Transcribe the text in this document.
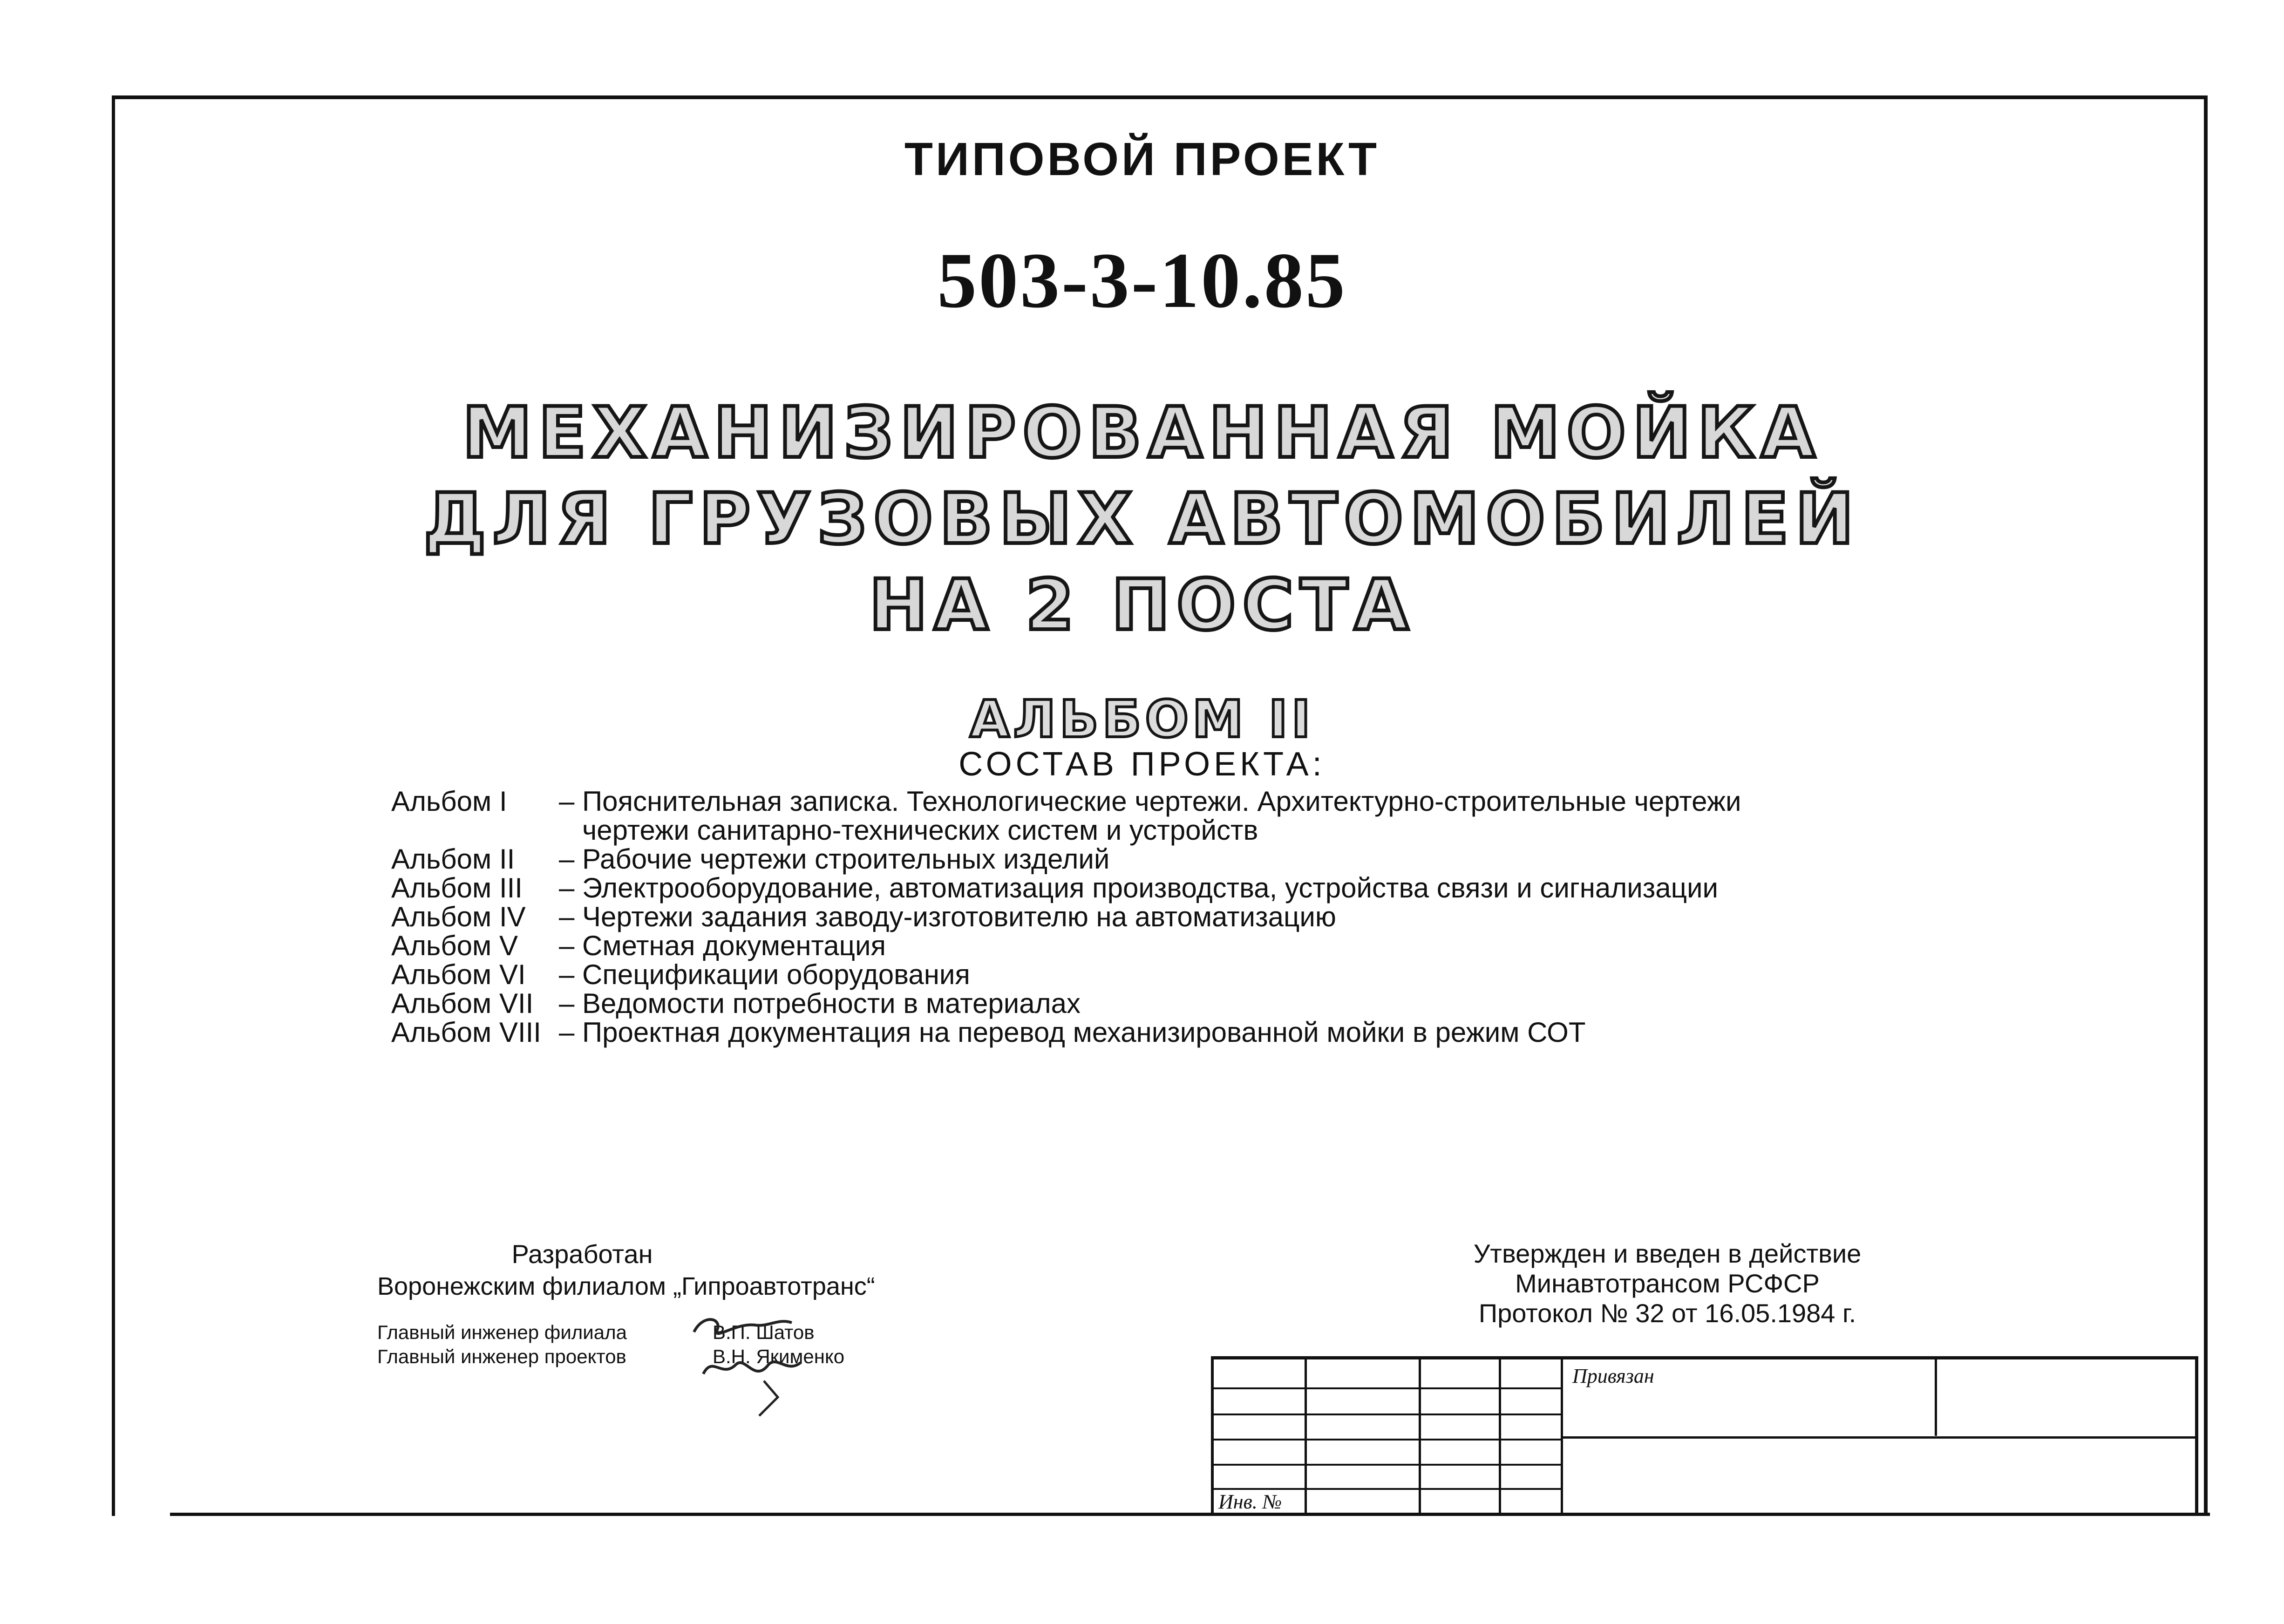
ТИПОВОЙ ПРОЕКТ
503-3-10.85
МЕХАНИЗИРОВАННАЯ МОЙКА
ДЛЯ ГРУЗОВЫХ АВТОМОБИЛЕЙ
НА 2 ПОСТА
АЛЬБОМ II
СОСТАВ ПРОЕКТА:
Альбом I	– Пояснительная записка. Технологические чертежи. Архитектурно-строительные чертежи
чертежи санитарно-технических систем и устройств
Альбом II	– Рабочие чертежи строительных изделий
Альбом III	– Электрооборудование, автоматизация производства, устройства связи и сигнализации
Альбом IV	– Чертежи задания заводу-изготовителю на автоматизацию
Альбом V	– Сметная документация
Альбом VI	– Спецификации оборудования
Альбом VII – Ведомости потребности в материалах
Альбом VIII – Проектная документация на перевод механизированной мойки в режим СОТ
Разработан
Воронежским филиалом „Гипроавтотранс“
Главный инженер филиала	В.П. Шатов
Главный инженер проектов	В.Н. Якименко
Утвержден и введен в действие
Минавтотрансом РСФСР
Протокол № 32 от 16.05.1984 г.
Привязан
Инв. №
